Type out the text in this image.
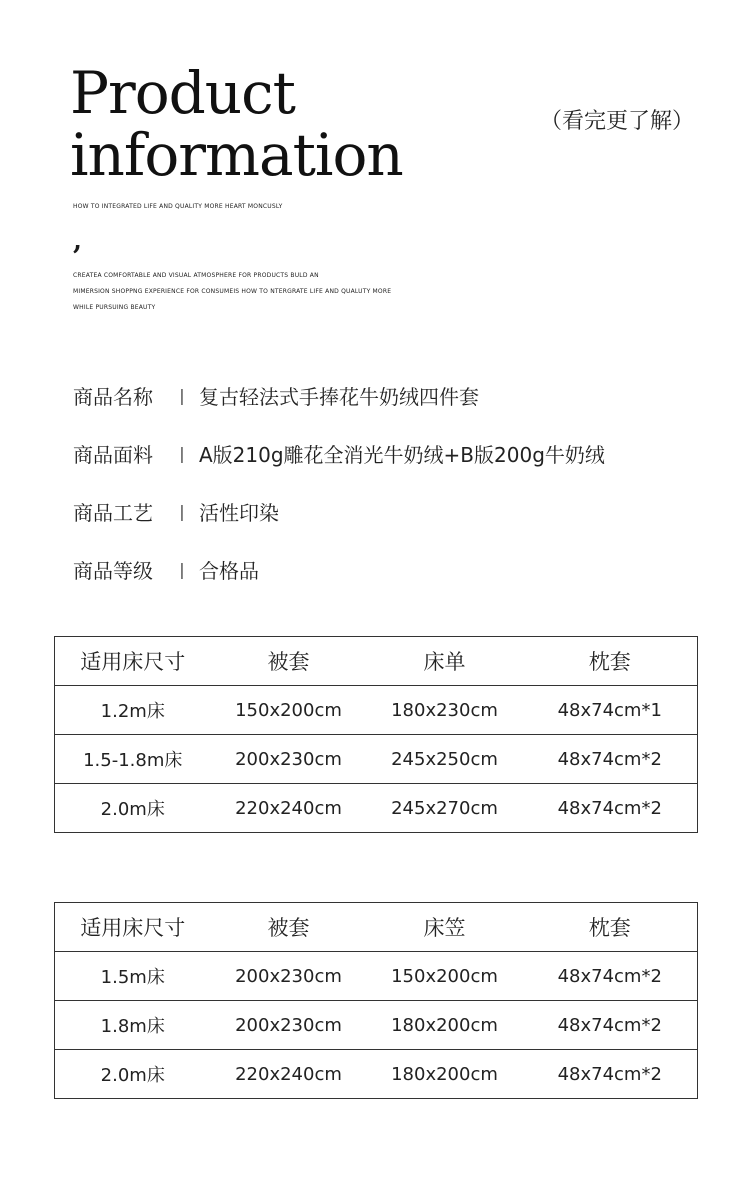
Product
information	（看完更了解）
HOW TO INTEGRATED LIFE AND QUALITY MORE HEART MONCUSLY
,
CREATEA COMFORTABLE AND VISUAL ATMOSPHERE FOR PRODUCTS BULD AN
MIMERSION SHOPPNG EXPERIENCE FOR CONSUMEIS HOW TO NTERGRATE LIFE AND QUALUTY MORE
WHILE PURSUING BEAUTY
商品名称	| 复古轻法式手捧花牛奶绒四件套
商品面料	| A版210g雕花全消光牛奶绒+B版200g牛奶绒
商品工艺	| 活性印染
商品等级	| 合格品
适用床尺寸	被套	床单	枕套
1.2m床	150x200cm	180x230cm	48x74cm*1
1.5-1.8m床	200x230cm	245x250cm	48x74cm*2
2.0m床	220x240cm	245x270cm	48x74cm*2
适用床尺寸	被套	床笠	枕套
1.5m床	200x230cm	150x200cm	48x74cm*2
1.8m床	200x230cm	180x200cm	48x74cm*2
2.0m床	220x240cm	180x200cm	48x74cm*2
